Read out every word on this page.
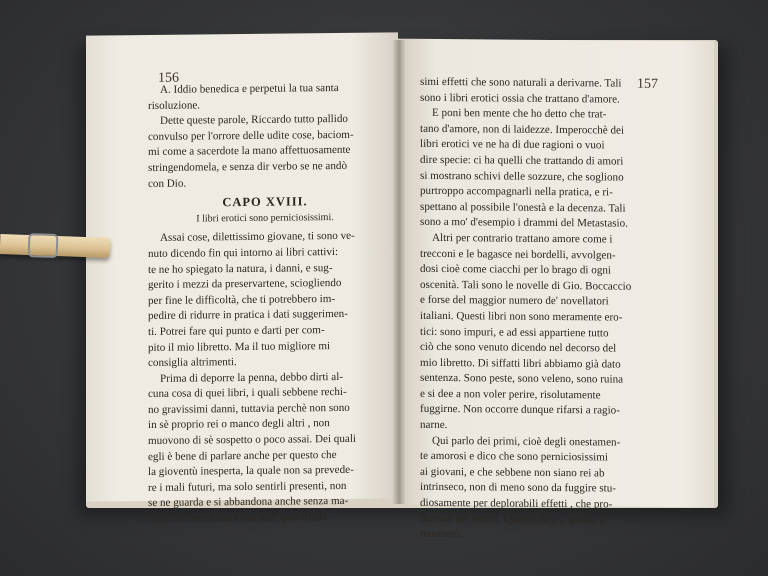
156
A. Iddio benedica e perpetui la tua santa
risoluzione.
Dette queste parole, Riccardo tutto pallido
convulso per l'orrore delle udite cose, baciom-
mi come a sacerdote la mano affettuosamente
stringendomela, e senza dir verbo se ne andò
con Dio.
CAPO XVIII.
I libri erotici sono perniciosissimi.
Assai cose, dilettissimo giovane, ti sono ve-
nuto dicendo fin qui intorno ai libri cattivi:
te ne ho spiegato la natura, i danni, e sug-
gerito i mezzi da preservartene, sciogliendo
per fine le difficoltà, che ti potrebbero im-
pedire di ridurre in pratica i dati suggerimen-
ti. Potrei fare qui punto e darti per com-
pito il mio libretto. Ma il tuo migliore mi
consiglia altrimenti.
Prima di deporre la penna, debbo dirti al-
cuna cosa di quei libri, i quali sebbene rechi-
no gravissimi danni, tuttavia perchè non sono
in sè proprio rei o manco degli altri , non
muovono di sè sospetto o poco assai. Dei quali
egli è bene di parlare anche per questo che
la gioventù inesperta, la quale non sa prevede-
re i mali futuri, ma solo sentirli presenti, non
se ne guarda e si abbandona anche senza ma-
lizia alla loro lettura con tutti quei tristis-
157
simi effetti che sono naturali a derivarne. Tali
sono i libri erotici ossia che trattano d'amore.
E poni ben mente che ho detto che trat-
tano d'amore, non di laidezze. Imperocchè dei
libri erotici ve ne ha di due ragioni o vuoi
dire specie: ci ha quelli che trattando di amori
si mostrano schivi delle sozzure, che sogliono
purtroppo accompagnarli nella pratica, e ri-
spettano al possibile l'onestà e la decenza. Tali
sono a mo' d'esempio i drammi del Metastasio.
Altri per contrario trattano amore come i
trecconi e le bagasce nei bordelli, avvolgen-
dosi cioè come ciacchi per lo brago di ogni
oscenità. Tali sono le novelle di Gio. Boccaccio
e forse del maggior numero de' novellatori
italiani. Questi libri non sono meramente ero-
tici: sono impuri, e ad essi appartiene tutto
ciò che sono venuto dicendo nel decorso del
mio libretto. Di siffatti libri abbiamo già dato
sentenza. Sono peste, sono veleno, sono ruina
e si dee a non voler perire, risolutamente
fuggirne. Non occorre dunque rifarsi a ragio-
narne.
Qui parlo dei primi, cioè degli onestamen-
te amorosi e dico che sono perniciosissimi
ai giovani, e che sebbene non siano rei ab
intrinseco, non di meno sono da fuggire stu-
diosamente per deplorabili effetti , che pro-
ducono nei lettori. Questo dico e questo ti
mostrerò.
